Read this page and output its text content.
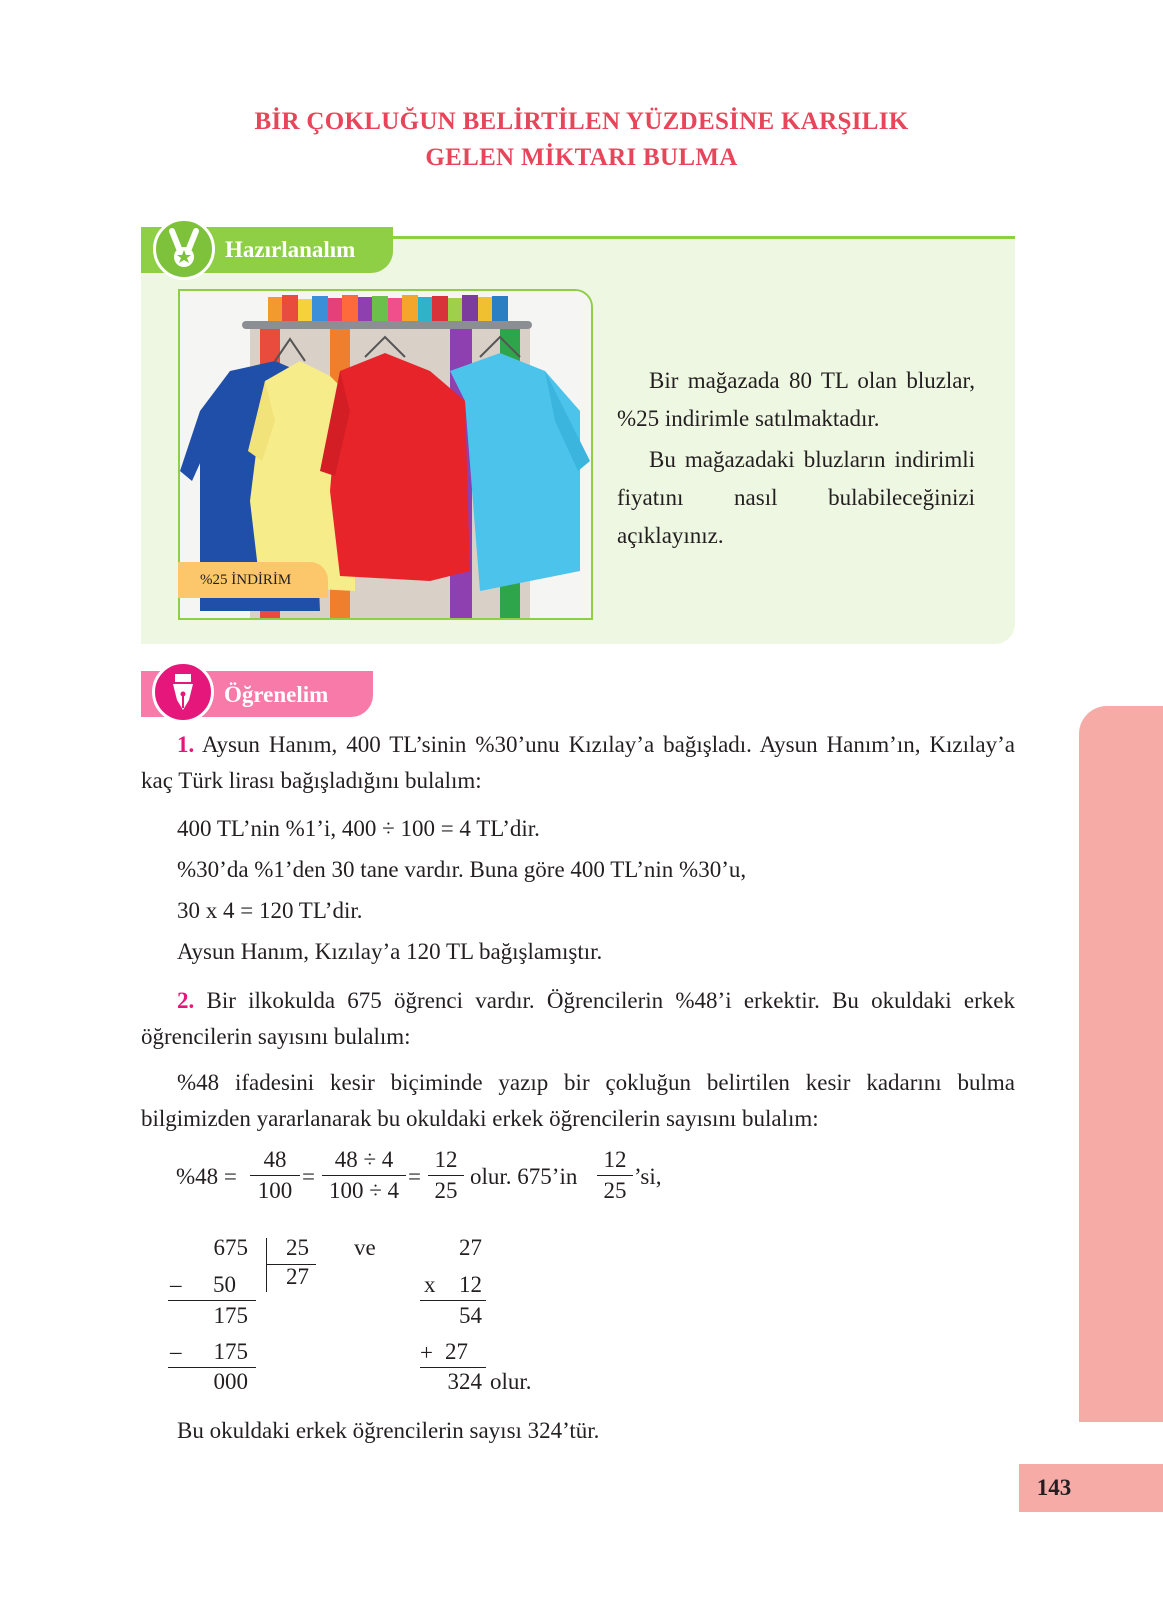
BİR ÇOKLUĞUN BELİRTİLEN YÜZDESİNE KARŞILIK
GELEN MİKTARI BULMA
Hazırlanalım
%25 İNDİRİM

Bir mağazada 80 TL olan bluzlar, %25 indirimle satılmaktadır.

Bu mağazadaki bluzların indirimli fiyatını nasıl bulabileceğinizi açıklayınız.

Öğrenelim
1. Aysun Hanım, 400 TL’sinin %30’unu Kızılay’a bağışladı. Aysun Hanım’ın, Kızılay’a kaç Türk lirası bağışladığını bulalım:
400 TL’nin %1’i, 400 ÷ 100 = 4 TL’dir.
%30’da %1’den 30 tane vardır. Buna göre 400 TL’nin %30’u,
30 x 4 = 120 TL’dir.
Aysun Hanım, Kızılay’a 120 TL bağışlamıştır.
2. Bir ilkokulda 675 öğrenci vardır. Öğrencilerin %48’i erkektir. Bu okuldaki erkek öğrencilerin sayısını bulalım:
%48 ifadesini kesir biçiminde yazıp bir çokluğun belirtilen kesir kadarını bulma bilgimizden yararlanarak bu okuldaki erkek öğrencilerin sayısını bulalım:
$\%48 = \frac{48}{100} = \frac{48 \div 4}{100 \div 4} = \frac{12}{25}$ olur. 675’in $\frac{12}{25}$ ’si,
675 25
27
–	50
175
–	175
000
ve	27
x	12
54
+ 27
324 olur.
Bu okuldaki erkek öğrencilerin sayısı 324’tür.
143
